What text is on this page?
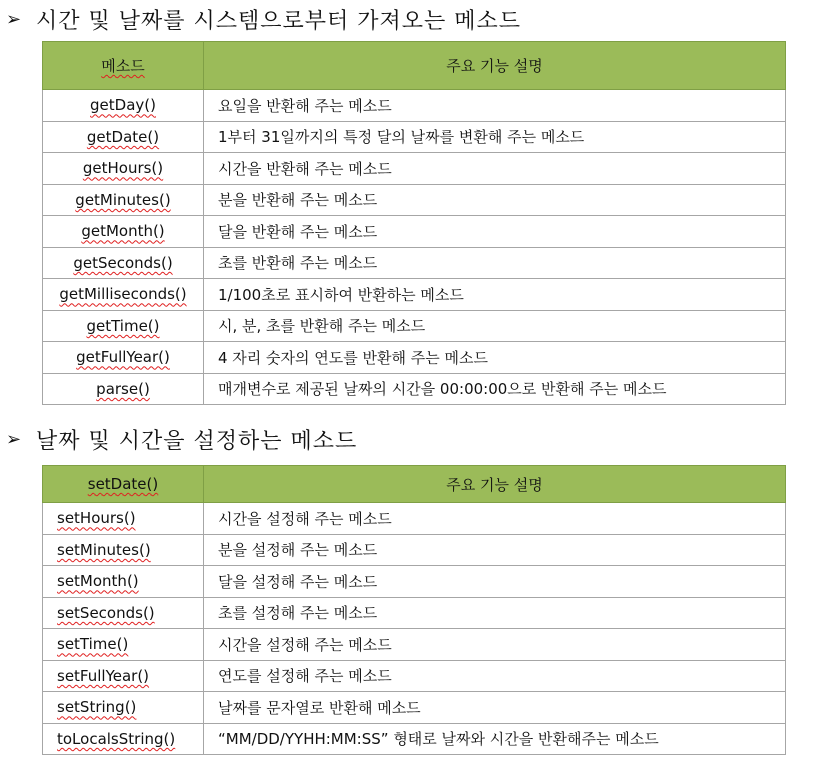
➢ 시간 및 날짜를 시스템으로부터 가져오는 메소드
메소드	주요 기능 설명
getDay()	요일을 반환해 주는 메소드
getDate()	1부터 31일까지의 특정 달의 날짜를 변환해 주는 메소드
getHours()	시간을 반환해 주는 메소드
getMinutes()	분을 반환해 주는 메소드
getMonth()	달을 반환해 주는 메소드
getSeconds()	초를 반환해 주는 메소드
getMilliseconds()	1/100초로 표시하여 반환하는 메소드
getTime()	시, 분, 초를 반환해 주는 메소드
getFullYear()	4 자리 숫자의 연도를 반환해 주는 메소드
parse()	매개변수로 제공된 날짜의 시간을 00:00:00으로 반환해 주는 메소드
➢ 날짜 및 시간을 설정하는 메소드
setDate()	주요 기능 설명
setHours()	시간을 설정해 주는 메소드
setMinutes()	분을 설정해 주는 메소드
setMonth()	달을 설정해 주는 메소드
setSeconds()	초를 설정해 주는 메소드
setTime()	시간을 설정해 주는 메소드
setFullYear()	연도를 설정해 주는 메소드
setString()	날짜를 문자열로 반환해 메소드
toLocalsString()	“MM/DD/YYHH:MM:SS” 형태로 날짜와 시간을 반환해주는 메소드
